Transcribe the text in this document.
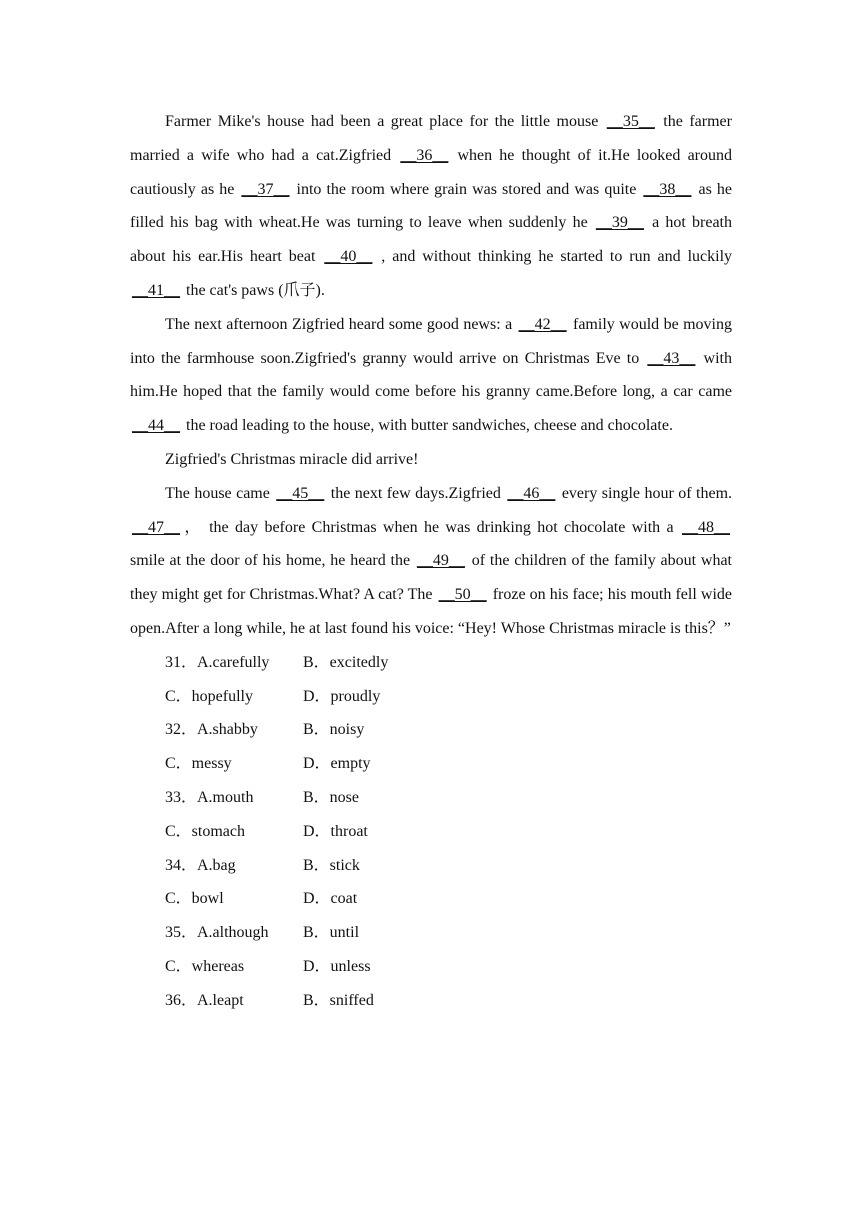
Farmer Mike's house had been a great place for the little mouse __35__ the farmer married a wife who had a cat.Zigfried __36__ when he thought of it.He looked around cautiously as he __37__ into the room where grain was stored and was quite __38__ as he filled his bag with wheat.He was turning to leave when suddenly he __39__ a hot breath about his ear.His heart beat __40__ , and without thinking he started to run and luckily __41__ the cat's paws (爪子).

The next afternoon Zigfried heard some good news: a __42__ family would be moving into the farmhouse soon.Zigfried's granny would arrive on Christmas Eve to __43__ with him.He hoped that the family would come before his granny came.Before long, a car came __44__ the road leading to the house, with butter sandwiches, cheese and chocolate.

Zigfried's Christmas miracle did arrive!

The house came __45__ the next few days.Zigfried __46__ every single hour of them. __47__ ， the day before Christmas when he was drinking hot chocolate with a __48__ smile at the door of his home, he heard the __49__ of the children of the family about what they might get for Christmas.What? A cat? The __50__ froze on his face; his mouth fell wide open.After a long while, he at last found his voice: “Hey! Whose Christmas miracle is this？”

31．A.carefully B．excitedly
C．hopefully	D．proudly
32．A.shabby	B．noisy
C．messy	D．empty
33．A.mouth	B．nose
C．stomach	D．throat
34．A.bag	B．stick
C．bowl	D．coat
35．A.although B．until
C．whereas	D．unless
36．A.leapt	B．sniffed
